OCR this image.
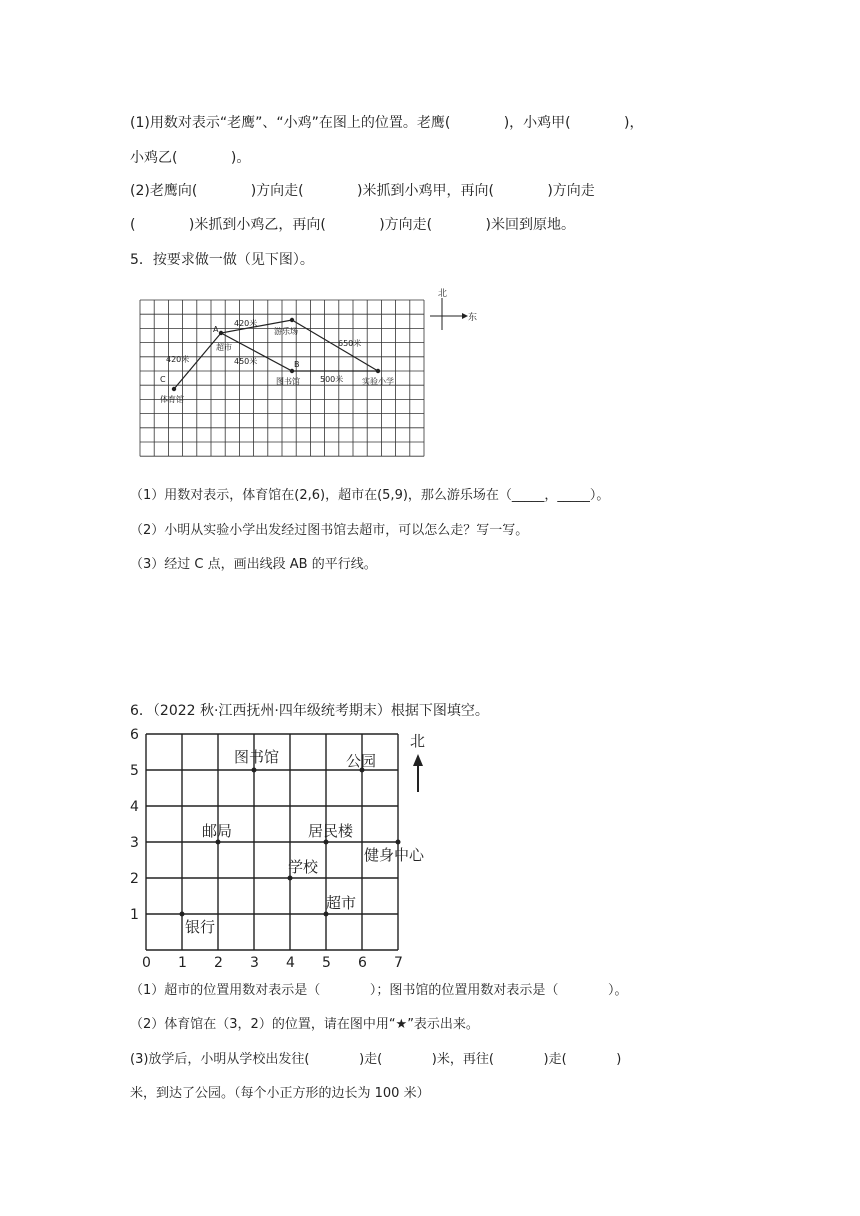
(1)用数对表示“老鹰”、“小鸡”在图上的位置。老鹰(            )，小鸡甲(            )，
小鸡乙(            )。
(2)老鹰向(            )方向走(            )米抓到小鸡甲，再向(            )方向走
(            )米抓到小鸡乙，再向(            )方向走(            )米回到原地。
5．按要求做一做（见下图）。
A
超市
B
图书馆
C
体育馆
游乐场
实验小学
420米
420米
450米
650米
500米
北
东
（1）用数对表示，体育馆在(2,6)，超市在(5,9)，那么游乐场在（_____，_____）。
（2）小明从实验小学出发经过图书馆去超市，可以怎么走？写一写。
（3）经过 C 点，画出线段 AB 的平行线。
6．（2022 秋·江西抚州·四年级统考期末）根据下图填空。
0 1 2 3 4 5 6 7
1
2
3
4
5
6
图书馆	公园
邮局	居民楼
健身中心
学校
超市
银行
北
（1）超市的位置用数对表示是（            ）；图书馆的位置用数对表示是（            ）。
（2）体育馆在（3，2）的位置，请在图中用“★”表示出来。
(3)放学后，小明从学校出发往(            )走(            )米，再往(            )走(            )
米，到达了公园。（每个小正方形的边长为 100 米）
